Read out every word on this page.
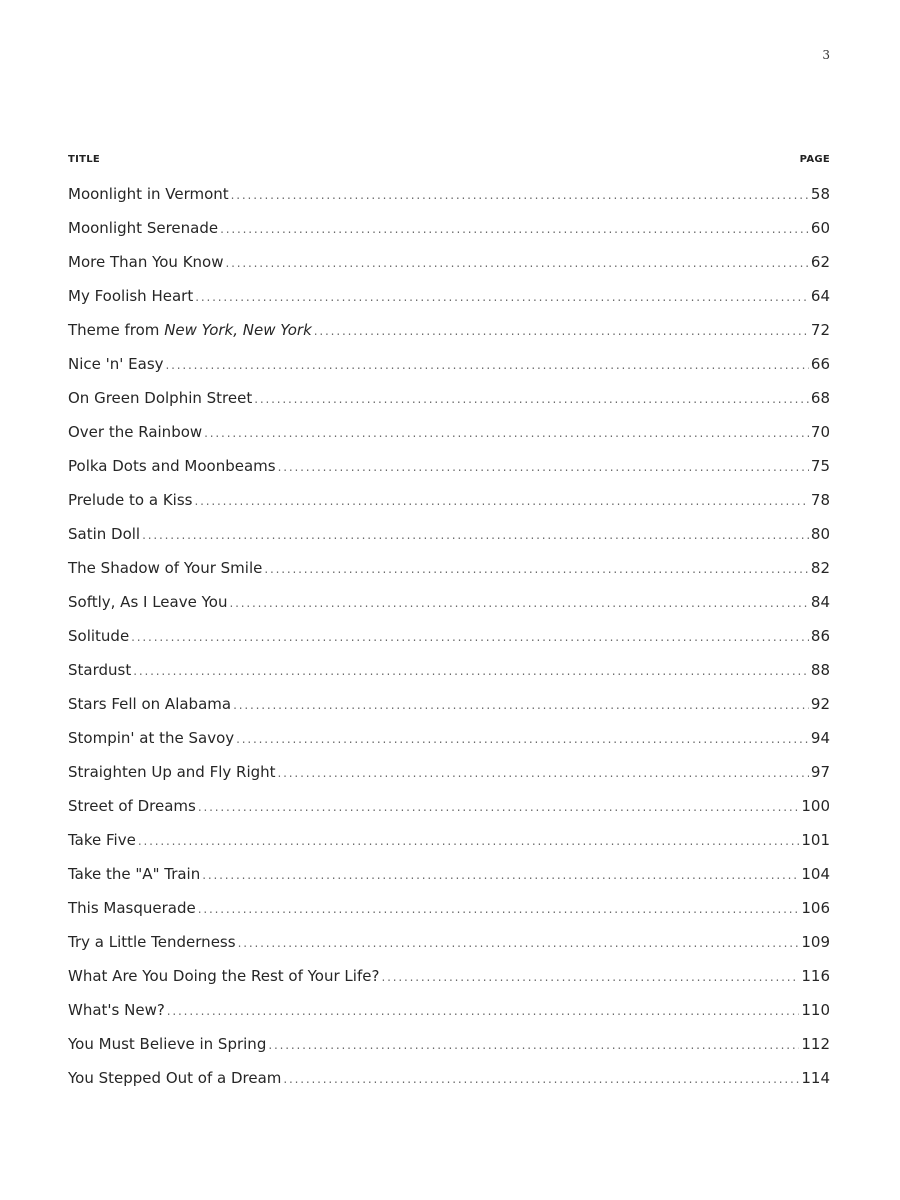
3
TITLE	PAGE
Moonlight in Vermont . . .	58
Moonlight Serenade . . .	60
More Than You Know . . .	62
My Foolish Heart . . .	64
Theme from New York, New York . . .	72
Nice 'n' Easy . . .	66
On Green Dolphin Street . . .	68
Over the Rainbow . . .	70
Polka Dots and Moonbeams . . .	75
Prelude to a Kiss . . .	78
Satin Doll . . .	80
The Shadow of Your Smile . . .	82
Softly, As I Leave You . . .	84
Solitude . . .	86
Stardust . . .	88
Stars Fell on Alabama . . .	92
Stompin' at the Savoy . . .	94
Straighten Up and Fly Right . . .	97
Street of Dreams . . .	100
Take Five . . .	101
Take the "A" Train . . .	104
This Masquerade . . .	106
Try a Little Tenderness . . .	109
What Are You Doing the Rest of Your Life? . . .	116
What's New? . . .	110
You Must Believe in Spring . . .	112
You Stepped Out of a Dream . . .	114
